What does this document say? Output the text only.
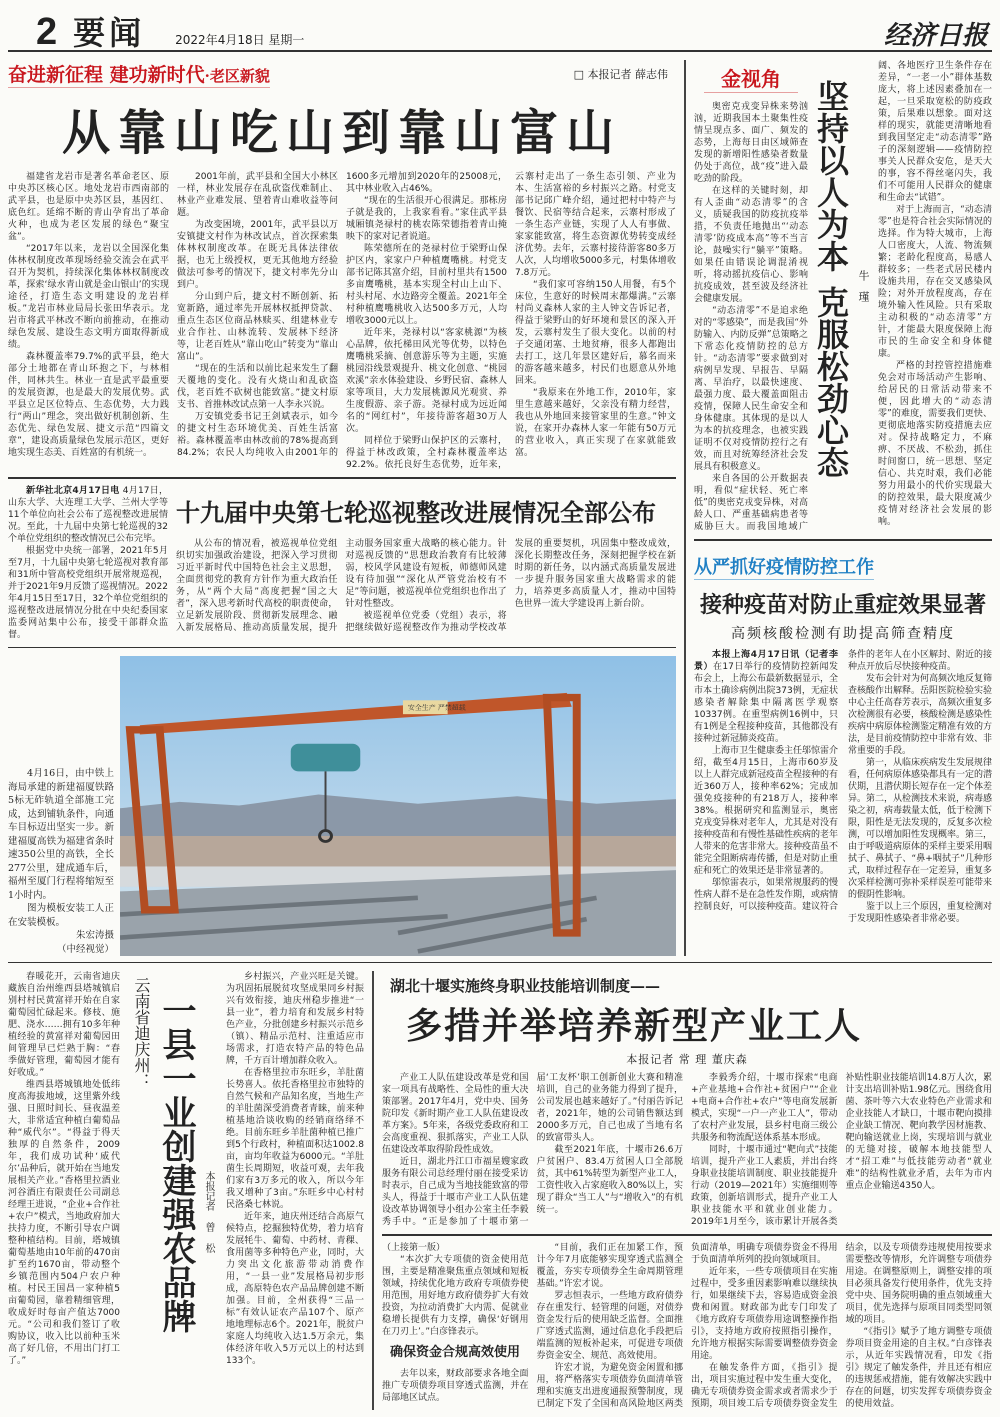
2 要闻	2022年4月18日 星期一	经济日报
奋进新征程 建功新时代·老区新貌	□ 本报记者 薛志伟
从靠山吃山到靠山富山

福建省龙岩市是著名革命老区、原中央苏区核心区。地处龙岩市西南部的武平县，也是原中央苏区县，基因红、底色红。延绵不断的青山孕育出了革命火种，也成为老区发展的绿色“聚宝盆”。

“2017年以来，龙岩以全国深化集体林权制度改革现场经验交流会在武平召开为契机，持续深化集体林权制度改革，探索‘绿水青山就是金山银山’的实现途径，打造生态文明建设的龙岩样板。”龙岩市林业局局长张田华表示。龙岩市将武平林改不断向前推动，在推动绿色发展、建设生态文明方面取得新成绩。

森林覆盖率79.7%的武平县，绝大部分土地都在青山环抱之下，与林相伴，同林共生。林业一直是武平最重要的发展资源，也是最大的发展优势。武平县立足区位特点、生态优势，大力践行“两山”理念，突出做好机制创新、生态优先、绿色发展、捷文示范“四篇文章”，建设高质量绿色发展示范区，更好地实现生态美、百姓富的有机统一。

2001年前，武平县和全国大小林区一样，林业发展存在乱砍盗伐难制止、林业产业难发展、望着青山难收益等问题。

为改变困境，2001年，武平县以万安镇捷文村作为林改试点，首次探索集体林权制度改革。在既无具体法律依据，也无上级授权，更无其他地方经验做法可参考的情况下，捷文村率先分山到户。

分山到户后，捷文村不断创新、拓宽新路，通过率先开展林权抵押贷款、重点生态区位商品林赎买、组建林业专业合作社、山林流转、发展林下经济等，让老百姓从“靠山吃山”转变为“靠山富山”。

“现在的生活和以前比起来发生了翻天覆地的变化。没有火烧山和乱砍盗伐，老百姓不砍树也能致富。”捷文村原支书、首推林改试点第一人李永兴说。

万安镇党委书记王剑斌表示，如今的捷文村生态环境优美、百姓生活富裕。森林覆盖率由林改前的78%提高到84.2%；农民人均纯收入由2001年的1600多元增加到2020年的25008元，其中林业收入占46%。

“现在的生活很开心很满足。那栋房子就是我的，上我家看看。”家住武平县城厢镇尧禄村的桃农陈荣德指着青山掩映下的家对记者说道。

陈荣德所在的尧禄村位于梁野山保护区内，家家户户种植鹰嘴桃。村党支部书记陈其富介绍，目前村里共有1500多亩鹰嘴桃，基本实现全村山上山下、村头村尾、水边路旁全覆盖。2021年全村种植鹰嘴桃收入达500多万元，人均增收3000元以上。

近年来，尧禄村以“客家桃源”为核心品牌，依托梯田风光等优势，以特色鹰嘴桃采摘、创意游乐等为主题，实施桃园沿线景观提升、桃文化创意、“桃园欢溪”亲水体验建设、乡野民宿、森林人家等项目，大力发展桃源风光观赏、养生度假游、亲子游。尧禄村成为远近闻名的“网红村”，年接待游客超30万人次。

同样位于梁野山保护区的云寨村，得益于林改政策，全村森林覆盖率达92.2%。依托良好生态优势，近年来，云寨村走出了一条生态引领、产业为本、生活富裕的乡村振兴之路。村党支部书记邱广峰介绍，通过把村中特产与餐饮、民宿等结合起来，云寨村形成了一条生态产业链，实现了人人有事做、家家能致富，将生态资源优势转变成经济优势。去年，云寨村接待游客80多万人次，人均增收5000多元，村集体增收7.8万元。

“我们家可容纳150人用餐，有5个床位，生意好的时候周末都爆满。”云寨村尚义森林人家的主人钟文告诉记者，得益于梁野山的好环境和景区的深入开发，云寨村发生了很大变化。以前的村子交通闭塞、土地贫瘠，很多人都跑出去打工，这几年景区建好后，慕名而来的游客越来越多，村民们也愿意从外地回来。

“我原来在外地工作，2010年，家里生意越来越好，父亲没有精力经营，我也从外地回来接管家里的生意。”钟文说，在家开办森林人家一年能有50万元的营业收入，真正实现了在家就能致富。

新华社北京4月17日电 4月17日，山东大学、大连理工大学、兰州大学等11个单位向社会公布了巡视整改进展情况。至此，十九届中央第七轮巡视的32个单位党组织的整改情况已公布完毕。

根据党中央统一部署，2021年5月至7月，十九届中央第七轮巡视对教育部和31所中管高校党组织开展常规巡视，并于2021年9月反馈了巡视情况。2022年4月15日至17日，32个单位党组织的巡视整改进展情况分批在中央纪委国家监委网站集中公布，接受干部群众监督。

十九届中央第七轮巡视整改进展情况全部公布

从公布的情况看，被巡视单位党组织切实加强政治建设，把深入学习贯彻习近平新时代中国特色社会主义思想，全面贯彻党的教育方针作为重大政治任务，从“两个大局”高度把握“国之大者”，深入思考新时代高校的职责使命，立足新发展阶段、贯彻新发展理念、融入新发展格局、推动高质量发展，提升主动服务国家重大战略的核心能力。针对巡视反馈的“思想政治教育有比较薄弱，校风学风建设有短板，师德师风建设有待加强”“深化从严管党治校有不足”等问题，被巡视单位党组织也作出了针对性整改。

被巡视单位党委（党组）表示，将把继续做好巡视整改作为推动学校改革发展的重要契机，巩固集中整改成效，深化长期整改任务，深刻把握学校在新时期的新任务，以内涵式高质量发展进一步提升服务国家重大战略需求的能力，培养更多高质量人才，推动中国特色世界一流大学建设再上新台阶。

4月16日，由中铁上海局承建的新建福厦铁路5标无砟轨道全部施工完成，达到铺轨条件，向通车目标迈出坚实一步。新建福厦高铁为福建省条时速350公里的高铁，全长277公里，建成通车后，福州至厦门行程将缩短至1小时内。

图为模板安装工人正在安装模板。

朱宏涛摄
（中经视觉）
安全生产 严禁超载
金视角

奥密克戎变异株来势汹汹，近期我国本土聚集性疫情呈现点多、面广、频发的态势，上海每日由区域筛查发现的新增阳性感染者数量仍处于高位，战“疫”进入最吃劲的阶段。

在这样的关键时刻，却有人歪曲“动态清零”的含义，质疑我国的防疫抗疫举措，不负责任地抛出“‘动态清零’防疫成本高”等不当言论，鼓噪实行“躺平”策略。如果任由错误论调混淆视听，将动摇抗疫信心、影响抗疫成效，甚至波及经济社会健康发展。

“动态清零”不是追求绝对的“零感染”，而是我国“外防输入、内防反弹”总策略之下常态化疫情防控的总方针。“动态清零”要求做到对病例早发现、早报告、早隔离、早治疗，以最快速度、最强力度、最大覆盖面阻击疫情，保障人民生命安全和身体健康。其体现的是以人为本的抗疫理念，也被实践证明不仅对疫情防控行之有效，而且对统筹经济社会发展具有积极意义。

来自各国的公开数据表明，看似“症状轻、死亡率低”的奥密克戎变异株，对高龄人口、严重基础病患者等威胁巨大。而我国地域广阔、各地医疗卫生条件存在差异，“一老一小”群体基数庞大，将上述因素叠加在一起，一旦采取宽松的防疫政策，后果难以想象。面对这样的现实，就能更清晰地看到我国坚定走“动态清零”路子的深刻逻辑——疫情防控事关人民群众安危，是天大的事，容不得丝毫闪失，我们不可能用人民群众的健康和生命去“试错”。

对于上海而言，“动态清零”也是符合社会实际情况的选择。作为特大城市，上海人口密度大，人流、物流频繁；老龄化程度高，易感人群较多；一些老式居民楼内设施共用，存在交叉感染风险；对外开放程度高，存在境外输入性风险。只有采取主动积极的“动态清零”方针，才能最大限度保障上海市民的生命安全和身体健康。

严格的封控管控措施难免会对市场活动产生影响、给居民的日常活动带来不便，因此增大的“动态清零”的难度，需要我们更快、更彻底地落实防疫措施去应对。保持战略定力，不麻痹、不厌战、不松劲，抓住时间窗口，统一思想、坚定信心、共克时艰，我们必能努力用最小的代价实现最大的防控效果，最大限度减少疫情对经济社会发展的影响。

坚持以人为本克服松劲心态 牛瑾
从严抓好疫情防控工作
接种疫苗对防止重症效果显著
高频核酸检测有助提高筛查精度

本报上海4月17日讯（记者李景）在17日举行的疫情防控新闻发布会上，上海公布最新数据显示，全市本土确诊病例出院373例，无症状感染者解除集中隔离医学观察10337例。在重型病例16例中，只有1例是全程接种疫苗，其他都没有接种过新冠肺炎疫苗。

上海市卫生健康委主任邬惊雷介绍，截至4月15日，上海市60岁及以上人群完成新冠疫苗全程接种的有近360万人，接种率62%；完成加强免疫接种的有218万人，接种率38%。根据研究和监测显示，奥密克戎变异株对老年人，尤其是对没有接种疫苗和有慢性基础性疾病的老年人带来的危害非常大。接种疫苗虽不能完全阻断病毒传播，但是对防止重症和死亡的效果还是非常显著的。

邬惊雷表示，如果常规服药的慢性病人群不是在急性发作期，或病情控制良好，可以接种疫苗。建议符合条件的老年人在小区解封、附近的接种点开放后尽快接种疫苗。

发布会针对为何高频次地反复筛查核酸作出解释。岳阳医院检验实验中心主任高春芳表示，高频次重复多次检测很有必要，核酸检测是感染性疾病中病原体检测鉴定精准有效的方法，是目前疫情防控中非常有效、非常重要的手段。

第一，从临床疾病发生发展规律看，任何病原体感染都具有一定的潜伏期，且潜伏期长短存在一定个体差异。第二，从检测技术来说，病毒感染之初，病毒载量太低，低于检测下限，阳性是无法发现的，反复多次检测，可以增加阳性发现概率。第三，由于呼吸道病原体的采样主要采用咽拭子、鼻拭子、“鼻+咽拭子”几种形式，取样过程存在一定差异，重复多次采样检测可弥补采样误差可能带来的假阴性影响。

鉴于以上三个原因，重复检测对于发现阳性感染者非常必要。

春暖花开，云南省迪庆藏族自治州维西县塔城镇启别村村民黄富祥开始在自家葡萄园忙碌起来。修枝、施肥、浇水……拥有10多年种植经验的黄富祥对葡萄园田间管理早已烂熟于胸：“春季做好管理，葡萄园才能有好收成。”

维西县塔城镇地处低纬度高海拔地域，这里紫外线强、日照时间长、昼夜温差大，非常适宜种植白葡萄品种“威代尔”。“得益于得天独厚的自然条件，2009年，我们成功试种‘威代尔’品种后，就开始在当地发展相关产业。”香格里拉酒业河谷酒庄有限责任公司副总经理王进说，“企业+合作社+农户”模式，当地政府加大扶持力度，不断引导农户调整种植结构。目前，塔城镇葡萄基地由10年前的470亩扩至约1670亩，带动整个乡镇范围内504户农户种植。村民王国昌一家种植5亩葡萄园，靠着精细管理，收成好时每亩产值达7000元。“公司和我们签订了收购协议，收入比以前种玉米高了好几倍，不用出门打工了。”

云南省迪庆州： 一县一业创建强农品牌 本报记者 曾 松

乡村振兴，产业兴旺是关键。为巩固拓展脱贫攻坚成果同乡村振兴有效衔接，迪庆州稳步推进“一县一业”，着力培育和发展乡村特色产业，分批创建乡村振兴示范乡（镇）、精品示范村、注重适应市场需求，打造农特产品的特色品牌，千方百计增加群众收入。

在香格里拉市东旺乡，羊肚菌长势喜人。依托香格里拉市独特的自然气候和产品知名度，当地生产的羊肚菌深受消费者青睐，前来种植基地洽谈收购的经销商络绎不绝。目前东旺乡羊肚菌种植已推广到5个行政村，种植面积达1002.8亩，亩均年收益为6000元。“羊肚菌生长周期短，收益可观，去年我们家有3万多元的收入，所以今年我又增种了3亩。”东旺乡中心村村民洛桑七林说。

近年来，迪庆州还结合高原气候特点，挖掘独特优势，着力培育发展牦牛、葡萄、中药材、青稞、食用菌等多种特色产业，同时，大力突出文化旅游带动消费作用，“一县一业”发展格局初步形成，高原特色农产品品牌创建不断加强。目前，全州获得“三品一标”有效认证农产品107个、原产地地理标志6个。2021年，脱贫户家庭人均纯收入达1.5万余元，集体经济年收入5万元以上的村达到133个。

湖北十堰实施终身职业技能培训制度——
多措并举培养新型产业工人
本报记者 常 理 董庆森

产业工人队伍建设改革是党和国家一项具有战略性、全局性的重大决策部署。2017年4月，党中央、国务院印发《新时期产业工人队伍建设改革方案》。5年来，各级党委政府和工会高度重视、狠抓落实，产业工人队伍建设改革取得阶段性成效。

近日，湖北丹江口市福星嫂家政服务有限公司总经理付丽在接受采访时表示，自己成为当地技能致富的带头人，得益于十堰市产业工人队伍建设改革协调领导小组办公室主任李毅秀手中。“正是参加了十堰市第一届‘工友杯’职工创新创业大赛和精准培训，自己的业务能力得到了提升，公司发展也越来越好了。”付丽告诉记者，2021年，她的公司销售额达到2000多万元，自己也成了当地有名的致富带头人。

截至2021年底，十堰市26.6万户贫困户、83.4万贫困人口全部脱贫，其中61%转型为新型产业工人，工资性收入占家庭收入80%以上，实现了群众“当工人”与“增收入”的有机统一。

李毅秀介绍，十堰市探索“电商+产业基地+合作社+贫困户”“企业+电商+合作社+农户”等电商发展新模式，实现“一户一产业工人”，带动了农村产业发展，县乡村电商三级公共服务和物流配送体系基本形成。

同时，十堰市通过“靶向式”技能培训，提升产业工人素质，并出台终身职业技能培训制度、职业技能提升行动（2019—2021年）实施细则等政策，创新培训形式，提升产业工人职业技能水平和就业创业能力。2019年1月至今，该市累计开展各类补贴性职业技能培训14.8万人次，累计支出培训补贴1.98亿元。围绕食用菌、茶叶等六大农业特色产业需求和企业技能人才缺口，十堰市靶向摸排企业缺工情况、靶向教学因材施教、靶向输送就业上岗，实现培训与就业的无缝对接，破解本地技能型人才“招工难”与低技能劳动者“就业难”的结构性就业矛盾，去年为市内重点企业输送4350人。

（上接第一版）

“本次扩大专项债的资金使用范围，主要是精准聚焦重点领域和短板领域，持续优化地方政府专项债券使用范围，用好地方政府债券扩大有效投资，为拉动消费扩大内需、促就业稳增长提供有力支撑，确保‘好钢用在刀刃上’。”白彦锋表示。

确保资金合规高效使用

去年以来，财政部要求各地全面推广专项债券项目穿透式监测，并在局部地区试点。

“目前，我们正在加紧工作，预计今年7月底能够实现穿透式监测全覆盖，夯实专项债券全生命周期管理基础。”许宏才说。

罗志恒表示，一些地方政府债券存在重发行、轻管理的问题，对债券资金发行后的使用缺乏监督。全面推广穿透式监测，通过信息化手段把后端监测的短板补起来，可促进专项债券资金安全、规范、高效使用。

许宏才说，为避免资金闲置和挪用，将严格落实专项债券负面清单管理和实施支出进度通报预警制度，现已制定下发了全国和高风险地区两类负面清单，明确专项债券资金不得用于负面清单所列的投向领域项目。

近年来，一些专项债项目在实施过程中，受多重因素影响难以继续执行，如果继续下去，容易造成资金浪费和闲置。财政部为此专门印发了《地方政府专项债券用途调整操作指引》，支持地方政府按照指引操作，允许地方根据实际需要调整债券资金用途。

在触发条件方面，《指引》提出，项目实施过程中发生重大变化，确无专项债券资金需求或者需求少于预期，项目竣工后专项债券资金发生结余，以及专项债券违规使用按要求需要整改等情形，允许调整专项债券用途。在调整原则上，调整安排的项目必须具备发行使用条件，优先支持党中央、国务院明确的重点领域重大项目，优先选择与原项目同类型同领域的项目。

“《指引》赋予了地方调整专项债券项目资金用途的自主权。”白彦锋表示，从近年实践情况看，印发《指引》规定了触发条件，并且还有相应的违规惩戒措施，能有效解决实践中存在的问题，切实发挥专项债券资金的使用效益。
